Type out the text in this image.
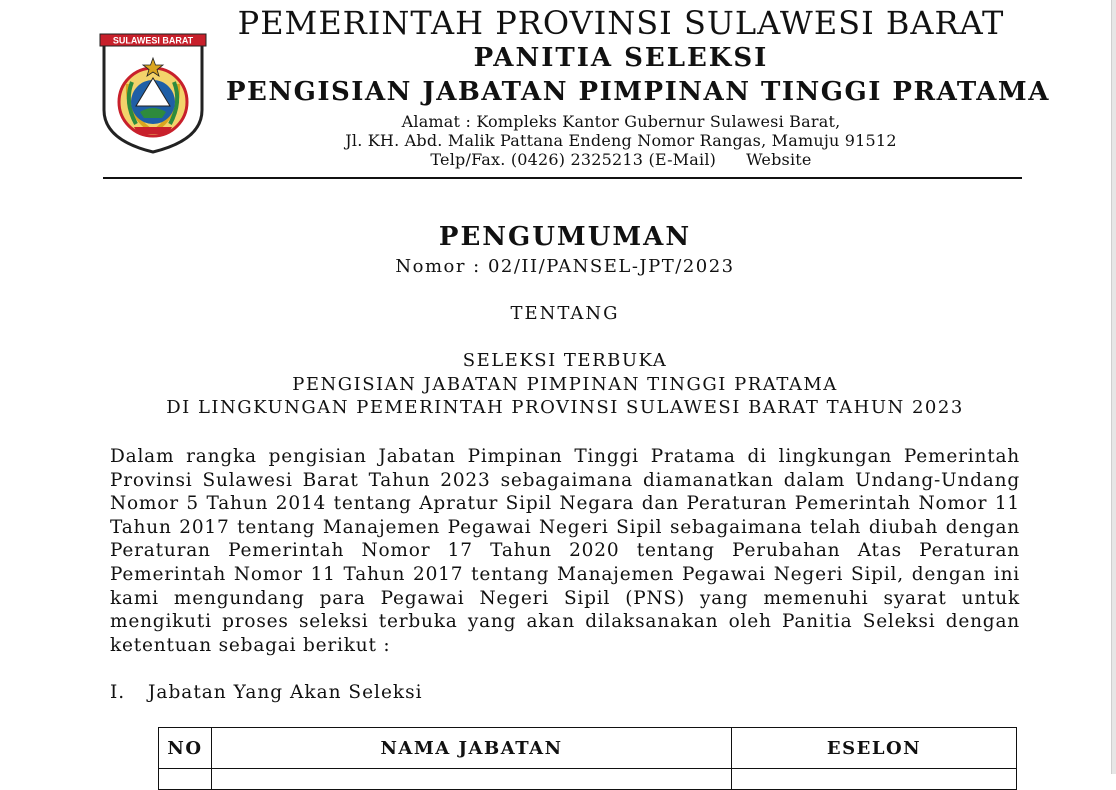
SULAWESI BARAT	PEMERINTAH PROVINSI SULAWESI BARAT
PANITIA SELEKSI
PENGISIAN JABATAN PIMPINAN TINGGI PRATAMA
Alamat : Kompleks Kantor Gubernur Sulawesi Barat,
Jl. KH. Abd. Malik Pattana Endeng Nomor Rangas, Mamuju 91512
Telp/Fax. (0426) 2325213 (E-Mail) Website
PENGUMUMAN
Nomor : 02/II/PANSEL-JPT/2023
TENTANG
SELEKSI TERBUKA
PENGISIAN JABATAN PIMPINAN TINGGI PRATAMA
DI LINGKUNGAN PEMERINTAH PROVINSI SULAWESI BARAT TAHUN 2023

Dalam rangka pengisian Jabatan Pimpinan Tinggi Pratama di lingkungan Pemerintah Provinsi Sulawesi Barat Tahun 2023 sebagaimana diamanatkan dalam Undang-Undang Nomor 5 Tahun 2014 tentang Apratur Sipil Negara dan Peraturan Pemerintah Nomor 11 Tahun 2017 tentang Manajemen Pegawai Negeri Sipil sebagaimana telah diubah dengan Peraturan Pemerintah Nomor 17 Tahun 2020 tentang Perubahan Atas Peraturan Pemerintah Nomor 11 Tahun 2017 tentang Manajemen Pegawai Negeri Sipil, dengan ini kami mengundang para Pegawai Negeri Sipil (PNS) yang memenuhi syarat untuk mengikuti proses seleksi terbuka yang akan dilaksanakan oleh Panitia Seleksi dengan ketentuan sebagai berikut :

I. Jabatan Yang Akan Seleksi
NO	NAMA JABATAN	ESELON
